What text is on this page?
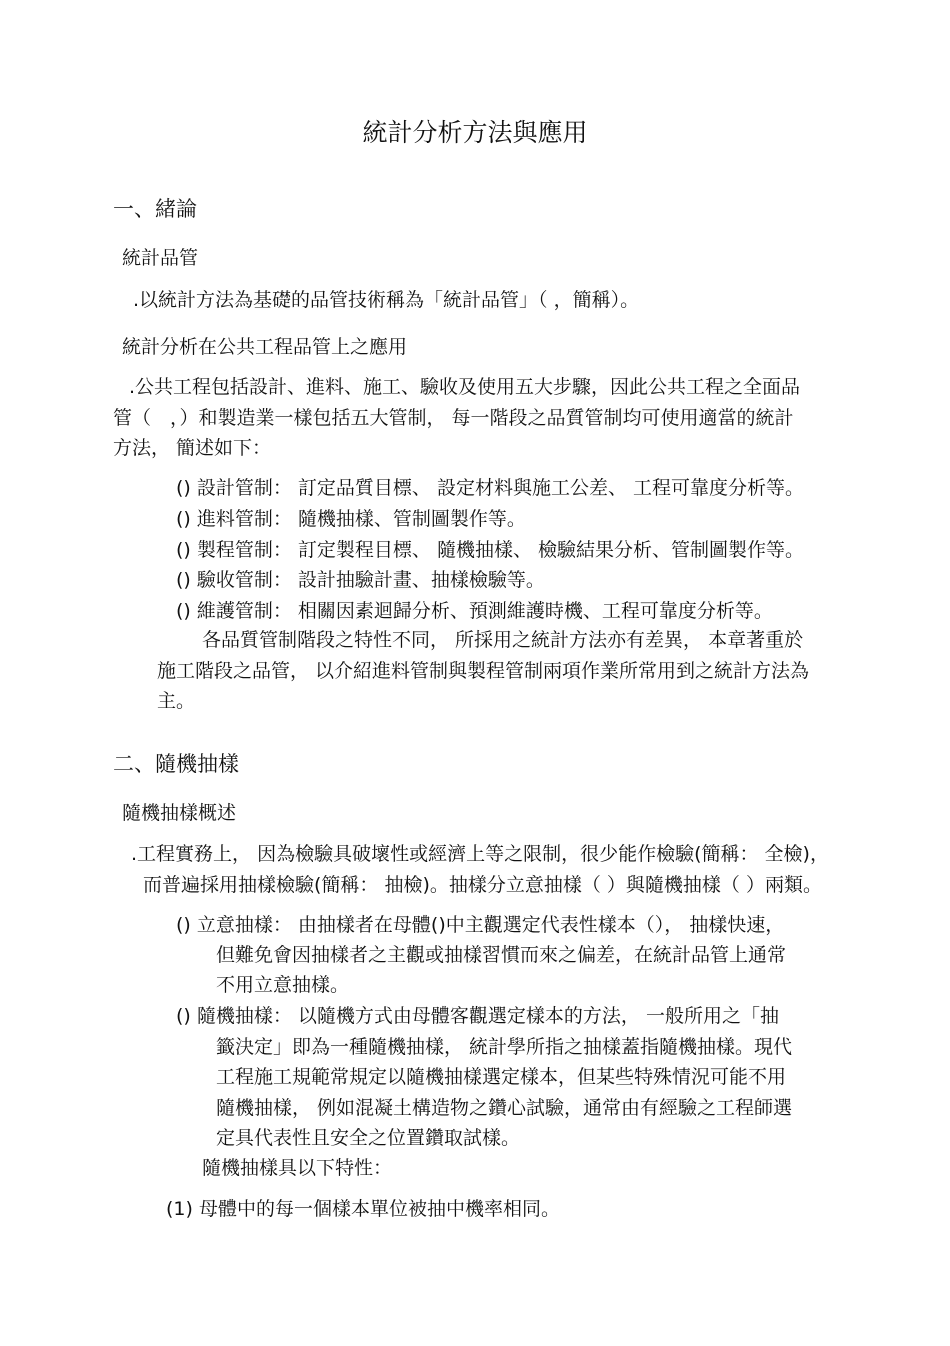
統計分析方法與應用
一、緒論
統計品管
.以統計方法為基礎的品管技術稱為「統計品管」（ ，簡稱）。
統計分析在公共工程品管上之應用
.公共工程包括設計、進料、施工、驗收及使用五大步驟，因此公共工程之全面品
管（　，）和製造業一樣包括五大管制， 每一階段之品質管制均可使用適當的統計
方法， 簡述如下：
() 設計管制： 訂定品質目標、 設定材料與施工公差、 工程可靠度分析等。
() 進料管制： 隨機抽樣、管制圖製作等。
() 製程管制： 訂定製程目標、 隨機抽樣、 檢驗結果分析、管制圖製作等。
() 驗收管制： 設計抽驗計畫、抽樣檢驗等。
() 維護管制： 相關因素迴歸分析、預測維護時機、工程可靠度分析等。
各品質管制階段之特性不同， 所採用之統計方法亦有差異， 本章著重於
施工階段之品管， 以介紹進料管制與製程管制兩項作業所常用到之統計方法為
主。
二、隨機抽樣
隨機抽樣概述
.工程實務上， 因為檢驗具破壞性或經濟上等之限制，很少能作檢驗(簡稱： 全檢)，
而普遍採用抽樣檢驗(簡稱： 抽檢)。抽樣分立意抽樣（ ）與隨機抽樣（ ）兩類。
() 立意抽樣： 由抽樣者在母體()中主觀選定代表性樣本（）， 抽樣快速，
但難免會因抽樣者之主觀或抽樣習慣而來之偏差，在統計品管上通常
不用立意抽樣。
() 隨機抽樣： 以隨機方式由母體客觀選定樣本的方法， 一般所用之「抽
籤決定」即為一種隨機抽樣， 統計學所指之抽樣蓋指隨機抽樣。現代
工程施工規範常規定以隨機抽樣選定樣本，但某些特殊情況可能不用
隨機抽樣， 例如混凝土構造物之鑽心試驗，通常由有經驗之工程師選
定具代表性且安全之位置鑽取試樣。
隨機抽樣具以下特性：
(1) 母體中的每一個樣本單位被抽中機率相同。
